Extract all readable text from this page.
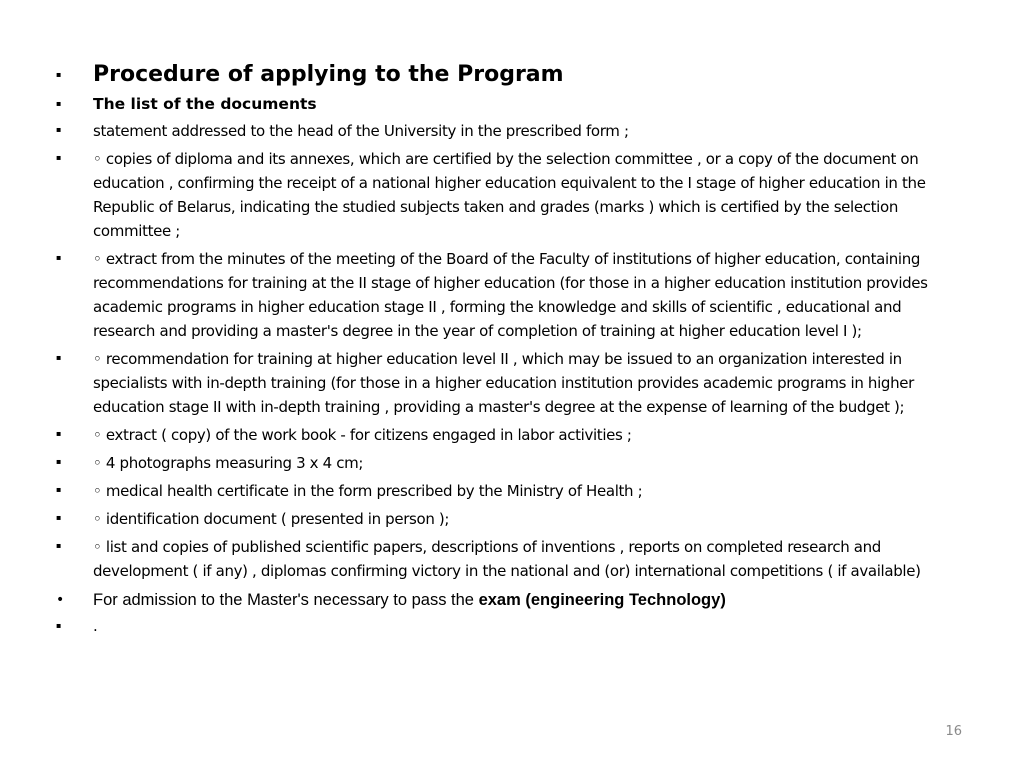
▪	Procedure of applying to the Program
▪	The list of the documents
▪	statement addressed to the head of the University in the prescribed form ;
▪	◦ copies of diploma and its annexes, which are certified by the selection committee , or a copy of the document on education , confirming the receipt of a national higher education equivalent to the I stage of higher education in the Republic of Belarus, indicating the studied subjects taken and grades (marks ) which is certified by the selection committee ;
▪	◦ extract from the minutes of the meeting of the Board of the Faculty of institutions of higher education, containing recommendations for training at the II stage of higher education (for those in a higher education institution provides academic programs in higher education stage II , forming the knowledge and skills of scientific , educational and research and providing a master's degree in the year of completion of training at higher education level I );
▪	◦ recommendation for training at higher education level II , which may be issued to an organization interested in specialists with in-depth training (for those in a higher education institution provides academic programs in higher education stage II with in-depth training , providing a master's degree at the expense of learning of the budget );
▪	◦ extract ( copy) of the work book - for citizens engaged in labor activities ;
▪	◦ 4 photographs measuring 3 x 4 cm;
▪	◦ medical health certificate in the form prescribed by the Ministry of Health ;
▪	◦ identification document ( presented in person );
▪	◦ list and copies of published scientific papers, descriptions of inventions , reports on completed research and development ( if any) , diplomas confirming victory in the national and (or) international competitions ( if available)
•	For admission to the Master's necessary to pass the exam (engineering Technology)
▪	.
16
